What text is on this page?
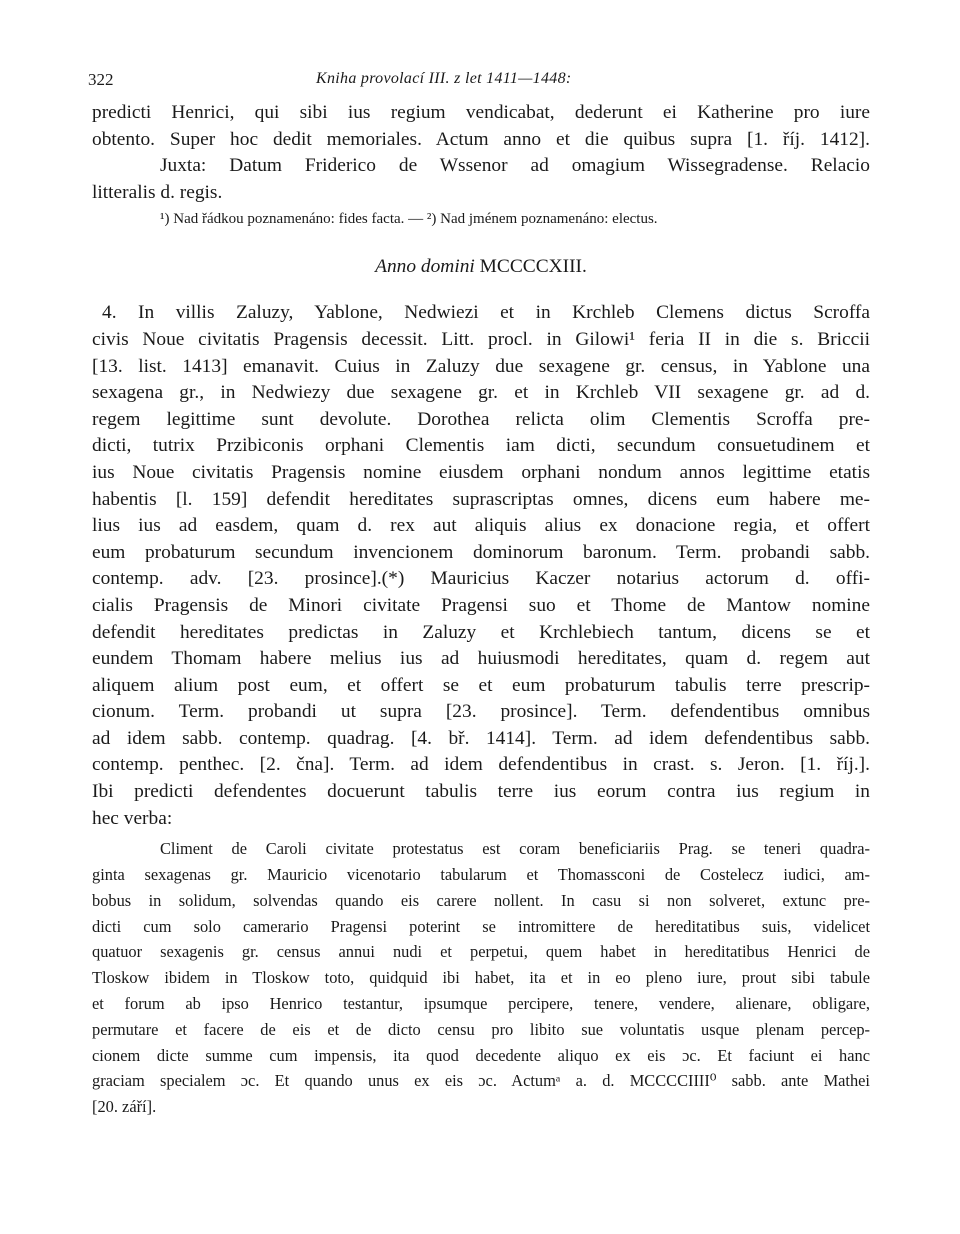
322	Kniha provolací III. z let 1411—1448:
predicti Henrici, qui sibi ius regium vendicabat, dederunt ei Katherine pro iure
obtento. Super hoc dedit memoriales. Actum anno et die quibus supra [1. říj. 1412].
Juxta: Datum Friderico de Wssenor ad omagium Wissegradense. Relacio
litteralis d. regis.
¹) Nad řádkou poznamenáno: fides facta. — ²) Nad jménem poznamenáno: electus.
Anno domini MCCCCXIII.
4. In villis Zaluzy, Yablone, Nedwiezi et in Krchleb Clemens dictus Scroffa
civis Noue civitatis Pragensis decessit. Litt. procl. in Gilowi¹ feria II in die s. Briccii
[13. list. 1413] emanavit. Cuius in Zaluzy due sexagene gr. census, in Yablone una
sexagena gr., in Nedwiezy due sexagene gr. et in Krchleb VII sexagene gr. ad d.
regem legittime sunt devolute. Dorothea relicta olim Clementis Scroffa pre-
dicti, tutrix Przibiconis orphani Clementis iam dicti, secundum consuetudinem et
ius Noue civitatis Pragensis nomine eiusdem orphani nondum annos legittime etatis
habentis [l. 159] defendit hereditates suprascriptas omnes, dicens eum habere me-
lius ius ad easdem, quam d. rex aut aliquis alius ex donacione regia, et offert
eum probaturum secundum invencionem dominorum baronum. Term. probandi sabb.
contemp. adv. [23. prosince].(*) Mauricius Kaczer notarius actorum d. offi-
cialis Pragensis de Minori civitate Pragensi suo et Thome de Mantow nomine
defendit hereditates predictas in Zaluzy et Krchlebiech tantum, dicens se et
eundem Thomam habere melius ius ad huiusmodi hereditates, quam d. regem aut
aliquem alium post eum, et offert se et eum probaturum tabulis terre prescrip-
cionum. Term. probandi ut supra [23. prosince]. Term. defendentibus omnibus
ad idem sabb. contemp. quadrag. [4. bř. 1414]. Term. ad idem defendentibus sabb.
contemp. penthec. [2. čna]. Term. ad idem defendentibus in crast. s. Jeron. [1. říj.].
Ibi predicti defendentes docuerunt tabulis terre ius eorum contra ius regium in
hec verba:
Climent de Caroli civitate protestatus est coram beneficiariis Prag. se teneri quadra-
ginta sexagenas gr. Mauricio vicenotario tabularum et Thomassconi de Costelecz iudici, am-
bobus in solidum, solvendas quando eis carere nollent. In casu si non solveret, extunc pre-
dicti cum solo camerario Pragensi poterint se intromittere de hereditatibus suis, videlicet
quatuor sexagenis gr. census annui nudi et perpetui, quem habet in hereditatibus Henrici de
Tloskow ibidem in Tloskow toto, quidquid ibi habet, ita et in eo pleno iure, prout sibi tabule
et forum ab ipso Henrico testantur, ipsumque percipere, tenere, vendere, alienare, obligare,
permutare et facere de eis et de dicto censu pro libito sue voluntatis usque plenam percep-
cionem dicte summe cum impensis, ita quod decedente aliquo ex eis ɔc. Et faciunt ei hanc
graciam specialem ɔc. Et quando unus ex eis ɔc. Actumᵃ a. d. MCCCCIIII⁰ sabb. ante Mathei
[20. září].
